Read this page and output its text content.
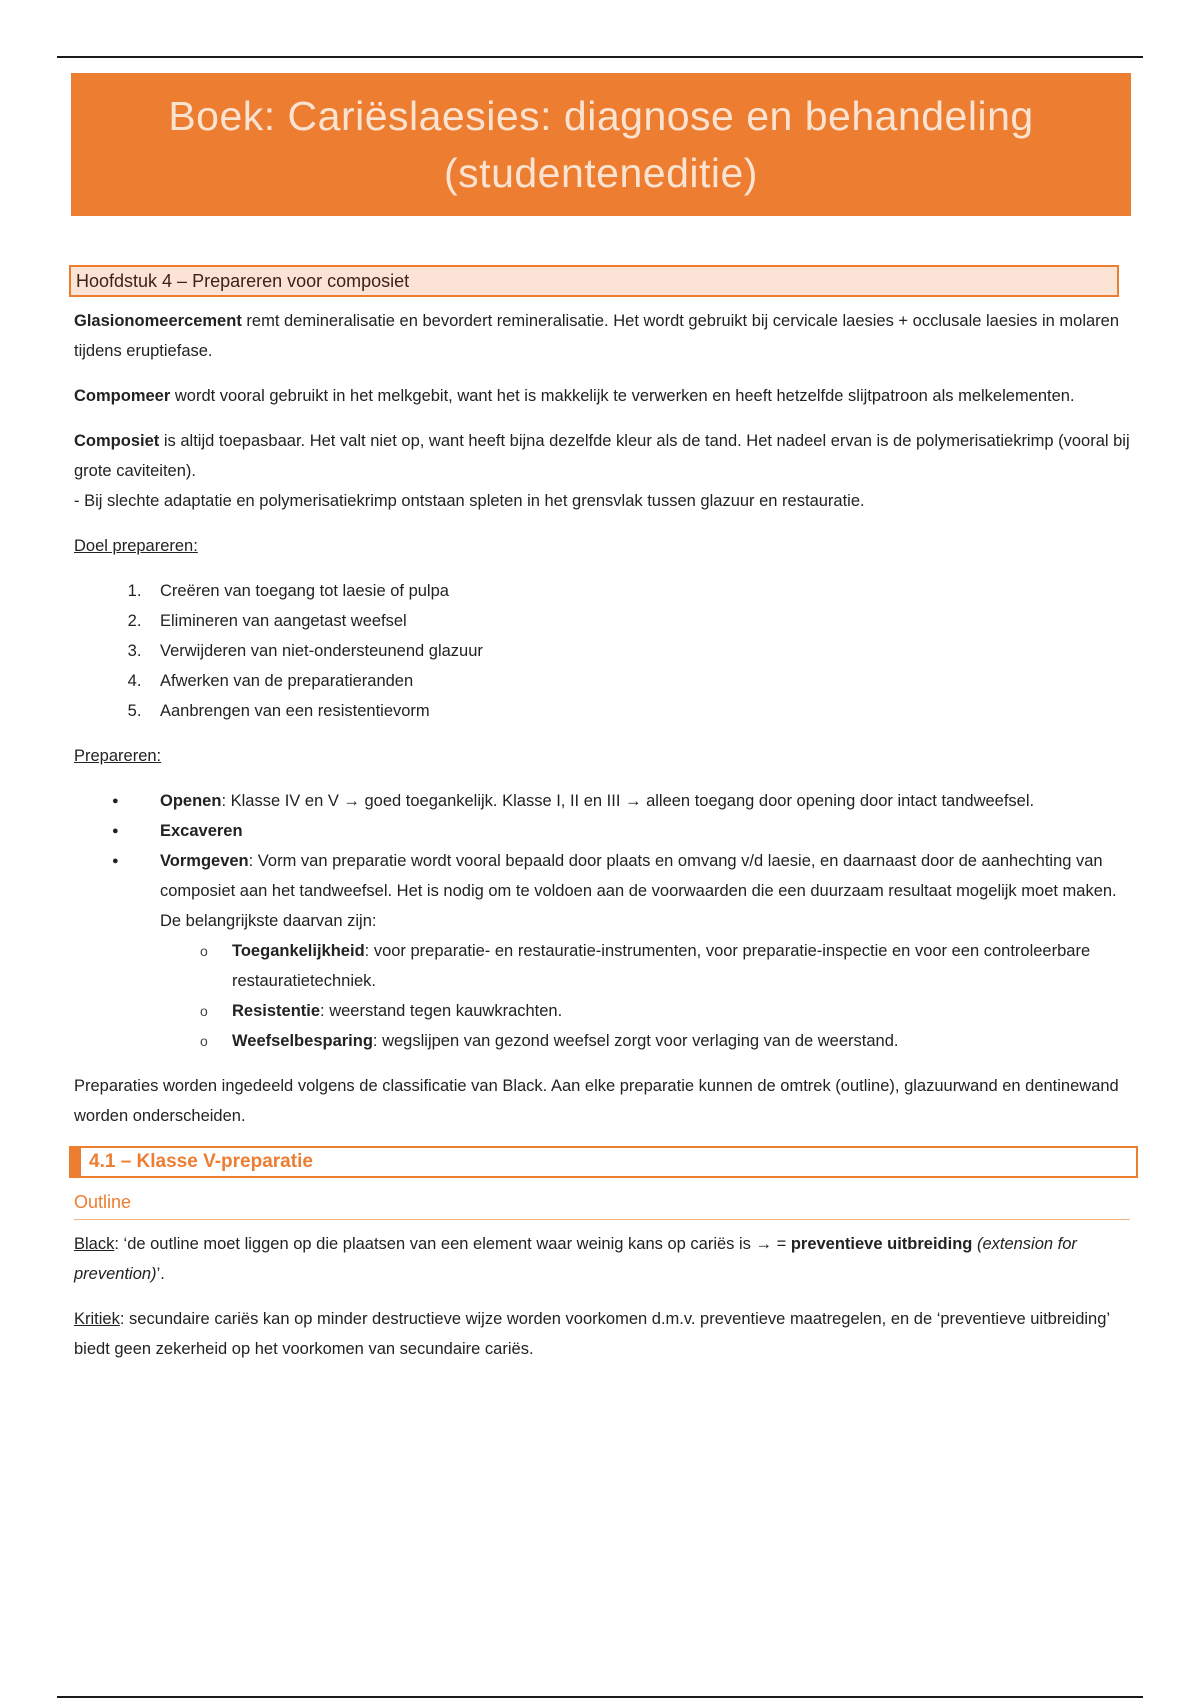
Boek: Cariëslaesies: diagnose en behandeling
(studenteneditie)
Hoofdstuk 4 – Prepareren voor composiet

Glasionomeercement remt demineralisatie en bevordert remineralisatie. Het wordt gebruikt bij cervicale laesies + occlusale laesies in molaren tijdens eruptiefase.

Compomeer wordt vooral gebruikt in het melkgebit, want het is makkelijk te verwerken en heeft hetzelfde slijtpatroon als melkelementen.

Composiet is altijd toepasbaar. Het valt niet op, want heeft bijna dezelfde kleur als de tand. Het nadeel ervan is de polymerisatiekrimp (vooral bij grote caviteiten).

- Bij slechte adaptatie en polymerisatiekrimp ontstaan spleten in het grensvlak tussen glazuur en restauratie.

Doel prepareren:

1. Creëren van toegang tot laesie of pulpa
2. Elimineren van aangetast weefsel
3. Verwijderen van niet-ondersteunend glazuur
4. Afwerken van de preparatieranden
5. Aanbrengen van een resistentievorm

Prepareren:

● Openen: Klasse IV en V → goed toegankelijk. Klasse I, II en III → alleen toegang door opening door intact tandweefsel.
● Excaveren
● Vormgeven: Vorm van preparatie wordt vooral bepaald door plaats en omvang v/d laesie, en daarnaast door de aanhechting van composiet aan het tandweefsel. Het is nodig om te voldoen aan de voorwaarden die een duurzaam resultaat mogelijk moet maken. De belangrijkste daarvan zijn:
o Toegankelijkheid: voor preparatie- en restauratie-instrumenten, voor preparatie-inspectie en voor een controleerbare restauratietechniek.
o Resistentie: weerstand tegen kauwkrachten.
o Weefselbesparing: wegslijpen van gezond weefsel zorgt voor verlaging van de weerstand.

Preparaties worden ingedeeld volgens de classificatie van Black. Aan elke preparatie kunnen de omtrek (outline), glazuurwand en dentinewand worden onderscheiden.

4.1 – Klasse V-preparatie
Outline

Black: ‘de outline moet liggen op die plaatsen van een element waar weinig kans op cariës is → = preventieve uitbreiding (extension for prevention)’.

Kritiek: secundaire cariës kan op minder destructieve wijze worden voorkomen d.m.v. preventieve maatregelen, en de ‘preventieve uitbreiding’ biedt geen zekerheid op het voorkomen van secundaire cariës.
